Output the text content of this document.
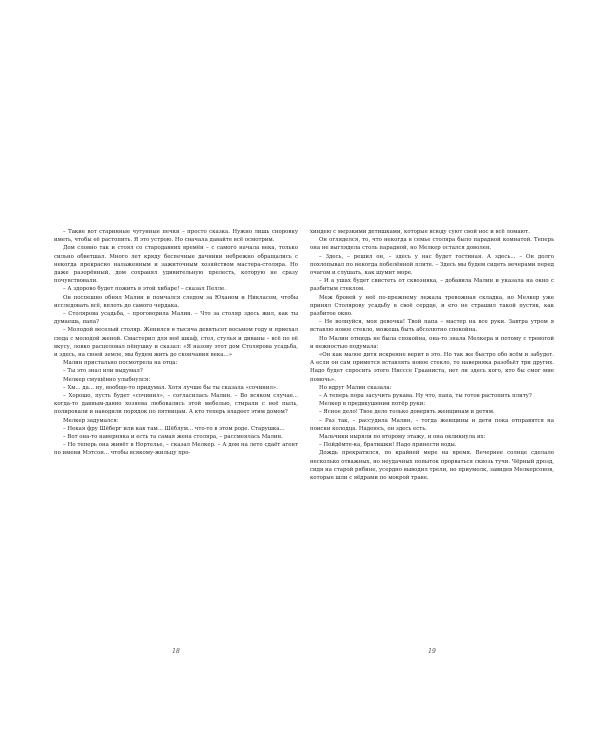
– Такие вот старинные чугунные печки – просто сказка. Нужно лишь сноровку иметь, чтобы её растопить. Я это устрою. Но сначала давайте всё осмотрим.

Дом словно так и стоял со стародавних времён – с самого начала века, только сильно обветшал. Много лет кряду беспечные дачники небрежно обращались с некогда прекрасно налаженным и зажиточным хозяйством мастера-столяра. Но даже разорённый, дом сохранял удивительную прелесть, которую не сразу почувствовали.

– А здорово будет пожить в этой хибаре! – сказал Пелле.

Он поспешно обнял Малин и помчался следом за Юханом и Никласом, чтобы исследовать всё, вплоть до самого чердака.

– Столярова усадьба, – проговорила Малин. – Что за столяр здесь жил, как ты думаешь, папа?

– Молодой веселый столяр. Женился в тысяча девятьсот восьмом году и приехал сюда с молодой женой. Смастерил для неё шкаф, стол, стулья и диваны – всё по её вкусу, ловко расцеловал пёнушку и сказал: «Я назову этот дом Столярова усадьба, и здесь, на своей земле, мы будем жить до скончания века…»

Малин пристально посмотрела на отца:

– Ты это знал или выдумал?

Мелкер смущённо улыбнулся:

– Хм... да... ну, вообще-то придумал. Хотя лучше бы ты сказала «сочинил».

– Хорошо, пусть будет «сочинил», – согласилась Малин. – Во всяком случае... когда-то давным-давно хозяева любовались этой мебелью, стирали с неё пыль, полировали и наводили порядок по пятницам. А кто теперь владеет этим домом?

Мелкер задумался:

– Некая фру Шёберг или как там... Шёблум... что-то в этом роде. Старушка...

– Вот она-то наверняка и есть та самая жена столяра, – рассмеялась Малин.

– Но теперь она живёт в Нортелье, – сказал Мелкер. – А дом на лето сдаёт агент по имени Мэтсон... чтобы всякому-жильцу про-

18

хиндею с мерзкими детишками, которые всюду суют свой нос и всё ломают.

Он огляделся, то, что некогда в семье столяра было парадной комнатой. Теперь она не выглядела столь парадной, но Мелкер остался доволен.

– Здесь, – решил он, – здесь у нас будет гостиная. А здесь... – Он долго похлопывал по некогда побелённой плите. – Здесь мы будем сидеть вечерами перед очагом и слушать, как шумит море.

– И а ушах будет свистеть от сквозняка, – добавила Малин и указала на окно с разбитым стеклом.

Меж бровей у неё по-прежнему лежала тревожная складка, но Мелкер уже принял Столярову усадьбу в своё сердце, и его не страшил такой пустяк, как разбитое окно.

– Не волнуйся, моя девочка! Твой папа – мастер на все руки. Завтра утром я вставлю новое стекло, можешь быть абсолютно спокойна.

Но Малин отнюдь не была спокойна, она-то знала Мелкера и потому с тревогой и нежностью подумала:

«Он как малое дитя искренне верит в это. Но так же быстро обо всём и забудет. А если он сам примется вставлять новое стекло, то наверняка разобьёт три других. Надо будет спросить этого Нисссе Грааниста, нет ли здесь кого, кто бы смог мне помочь».

Но вдруг Малин сказала:

– А теперь пора засучить рукава. Ну что, папа, ты готов растопить плиту?

Мелкер в предвкушении потёр руки:

– Ясное дело! Твое дело только доверять женщинам и детям.

– Раз так, – рассудила Малин, – тогда женщины и дети пока отправятся на поиски колодца. Надеюсь, он здесь есть.

Мальчики ныряли по второму этажу, и она окликнула их:

– Пойдёмте-ка, братишки! Надо принести воды.

Дождь прекратился, по крайней мере на время. Вечернее солнце сделало несколько отважных, но неудачных попыток прорваться сквозь тучи. Чёрный дрозд, сидя на старой рябине, усердно выводил трели, но приумолк, завидев Мелкерсонов, которые шли с вёдрами по мокрой траве.

19
